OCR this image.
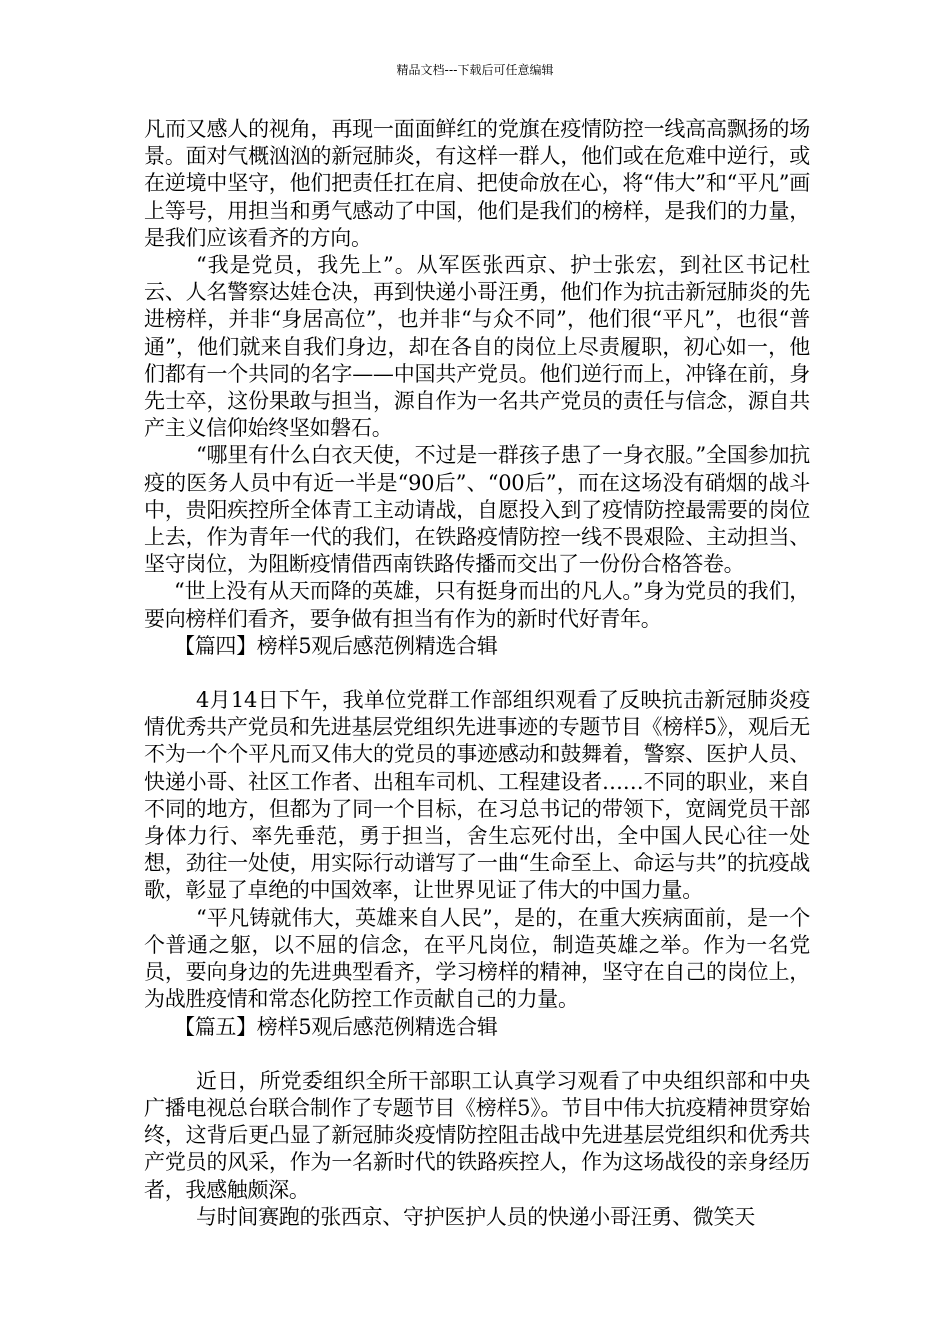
精品文档---下载后可任意编辑

凡而又感人的视角，再现一面面鲜红的党旗在疫情防控一线高高飘扬的场景。面对气概汹汹的新冠肺炎，有这样一群人，他们或在危难中逆行，或在逆境中坚守，他们把责任扛在肩、把使命放在心，将“伟大”和“平凡”画上等号，用担当和勇气感动了中国，他们是我们的榜样，是我们的力量，是我们应该看齐的方向。

“我是党员，我先上”。从军医张西京、护士张宏，到社区书记杜云、人名警察达娃仓决，再到快递小哥汪勇，他们作为抗击新冠肺炎的先进榜样，并非“身居高位”，也并非“与众不同”，他们很“平凡”，也很“普通”，他们就来自我们身边，却在各自的岗位上尽责履职，初心如一，他们都有一个共同的名字——中国共产党员。他们逆行而上，冲锋在前，身先士卒，这份果敢与担当，源自作为一名共产党员的责任与信念，源自共产主义信仰始终坚如磐石。

“哪里有什么白衣天使，不过是一群孩子患了一身衣服。”全国参加抗疫的医务人员中有近一半是“90后”、“00后”，而在这场没有硝烟的战斗中，贵阳疾控所全体青工主动请战，自愿投入到了疫情防控最需要的岗位上去，作为青年一代的我们，在铁路疫情防控一线不畏艰险、主动担当、坚守岗位，为阻断疫情借西南铁路传播而交出了一份份合格答卷。

“世上没有从天而降的英雄，只有挺身而出的凡人。”身为党员的我们，要向榜样们看齐，要争做有担当有作为的新时代好青年。

【篇四】榜样5观后感范例精选合辑

4月14日下午，我单位党群工作部组织观看了反映抗击新冠肺炎疫情优秀共产党员和先进基层党组织先进事迹的专题节目《榜样5》，观后无不为一个个平凡而又伟大的党员的事迹感动和鼓舞着，警察、医护人员、快递小哥、社区工作者、出租车司机、工程建设者……不同的职业，来自不同的地方，但都为了同一个目标，在习总书记的带领下，宽阔党员干部身体力行、率先垂范，勇于担当，舍生忘死付出，全中国人民心往一处想，劲往一处使，用实际行动谱写了一曲“生命至上、命运与共”的抗疫战歌，彰显了卓绝的中国效率，让世界见证了伟大的中国力量。

“平凡铸就伟大，英雄来自人民”，是的，在重大疾病面前，是一个个普通之躯，以不屈的信念，在平凡岗位，制造英雄之举。作为一名党员，要向身边的先进典型看齐，学习榜样的精神，坚守在自己的岗位上，为战胜疫情和常态化防控工作贡献自己的力量。

【篇五】榜样5观后感范例精选合辑

近日，所党委组织全所干部职工认真学习观看了中央组织部和中央广播电视总台联合制作了专题节目《榜样5》。节目中伟大抗疫精神贯穿始终，这背后更凸显了新冠肺炎疫情防控阻击战中先进基层党组织和优秀共产党员的风采，作为一名新时代的铁路疾控人，作为这场战役的亲身经历者，我感触颇深。

与时间赛跑的张西京、守护医护人员的快递小哥汪勇、微笑天
